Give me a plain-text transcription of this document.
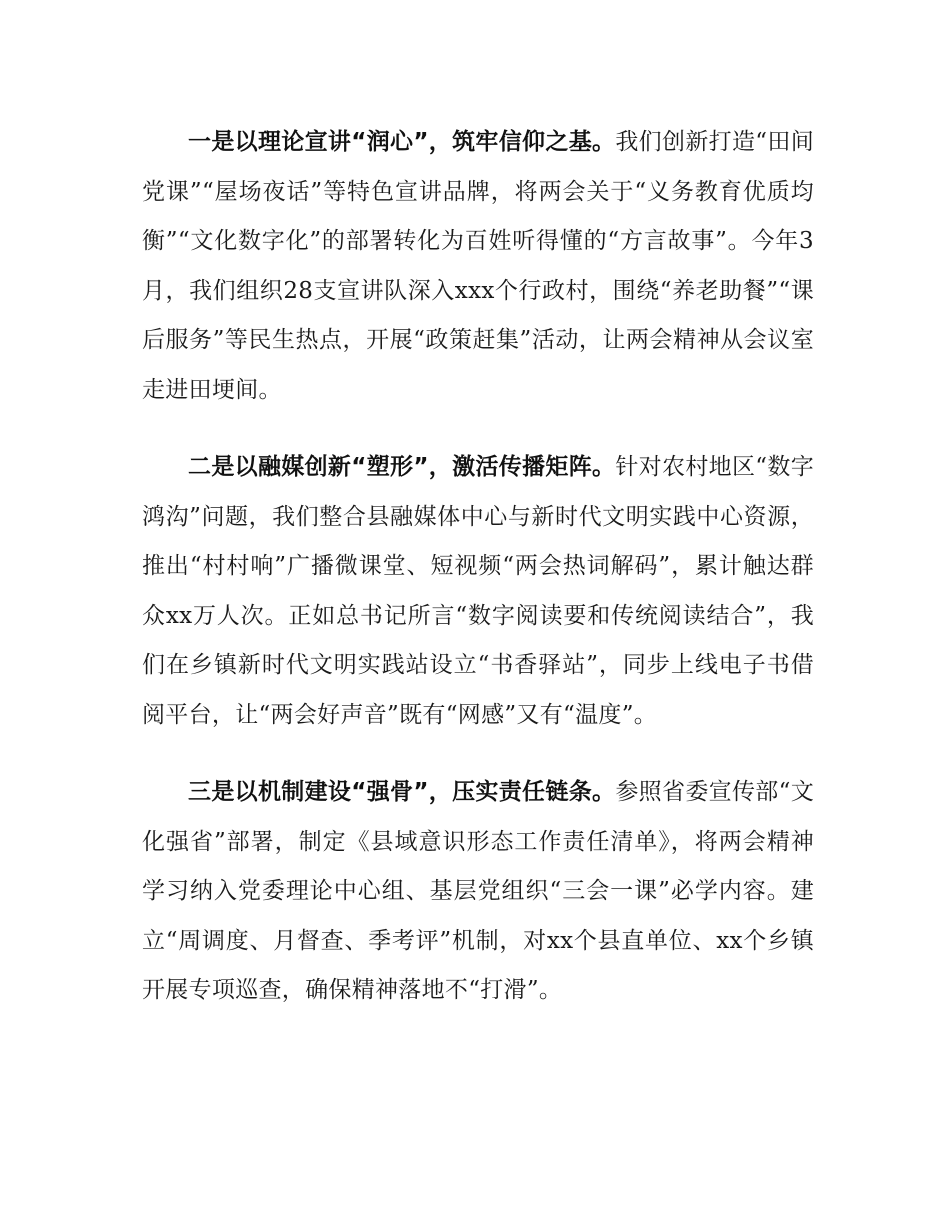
一是以理论宣讲“润心”，筑牢信仰之基。我们创新打造“田间党课”“屋场夜话”等特色宣讲品牌，将两会关于“义务教育优质均衡”“文化数字化”的部署转化为百姓听得懂的“方言故事”。今年3月，我们组织28支宣讲队深入xxx个行政村，围绕“养老助餐”“课后服务”等民生热点，开展“政策赶集”活动，让两会精神从会议室走进田埂间。

二是以融媒创新“塑形”，激活传播矩阵。针对农村地区“数字鸿沟”问题，我们整合县融媒体中心与新时代文明实践中心资源，推出“村村响”广播微课堂、短视频“两会热词解码”，累计触达群众xx万人次。正如总书记所言“数字阅读要和传统阅读结合”，我们在乡镇新时代文明实践站设立“书香驿站”，同步上线电子书借阅平台，让“两会好声音”既有“网感”又有“温度”。

三是以机制建设“强骨”，压实责任链条。参照省委宣传部“文化强省”部署，制定《县域意识形态工作责任清单》，将两会精神学习纳入党委理论中心组、基层党组织“三会一课”必学内容。建立“周调度、月督查、季考评”机制，对xx个县直单位、xx个乡镇开展专项巡查，确保精神落地不“打滑”。
